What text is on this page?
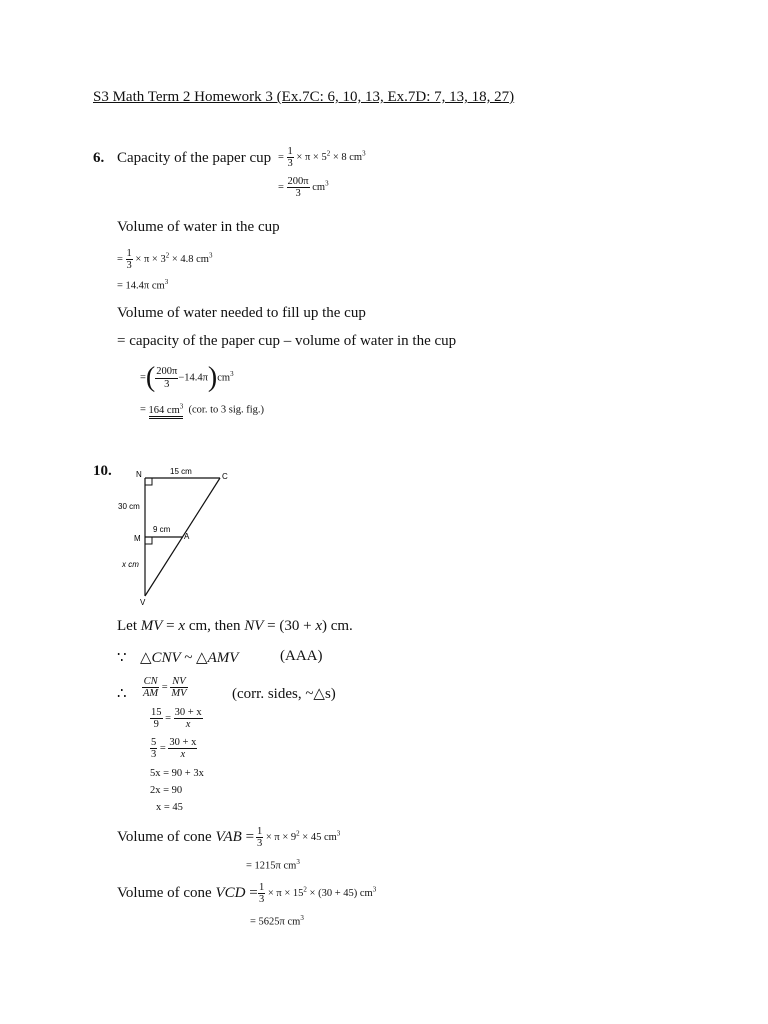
S3 Math Term 2 Homework 3 (Ex.7C: 6, 10, 13, Ex.7D: 7, 13, 18, 27)
6. Capacity of the paper cup = $\frac{1}{3} \times \pi \times 5^2 \times 8$ $cm^3$
= $\frac{200\pi}{3} cm^3$
Volume of water in the cup
= $\frac{1}{3} \times \pi \times 3^2 \times 4.8$ $cm^3$
= 14.4π $cm^3$
Volume of water needed to fill up the cup
= capacity of the paper cup – volume of water in the cup
=( $\frac{200\pi}{3} -14.4\pi)cm^3$
= 164 $cm^3$ (cor. to 3 sig. fig.)
10.	N	C
M	A
V
15 cm
30 cm
9 cm
x cm
Let MV = x cm, then NV = (30 + x) cm.
∵ △CNV ~ △AMV	(AAA)
∴ $\frac{CN}{AM} = \frac{NV}{MV}$	(corr. sides, ~△s)
$\frac{15}{9} = \frac{30 + x}{x}$
$\frac{5}{3} = \frac{30 + x}{x}$
5x = 90 + 3x
2x = 90
x = 45
Volume of cone VAB = $\frac{1}{3} \times \pi \times 9^2 \times 45$ $cm^3$
= 1215π $cm^3$
Volume of cone VCD = $\frac{1}{3} \times \pi \times 15^2 \times (30 + 45)$ $cm^3$
= 5625π $cm^3$
